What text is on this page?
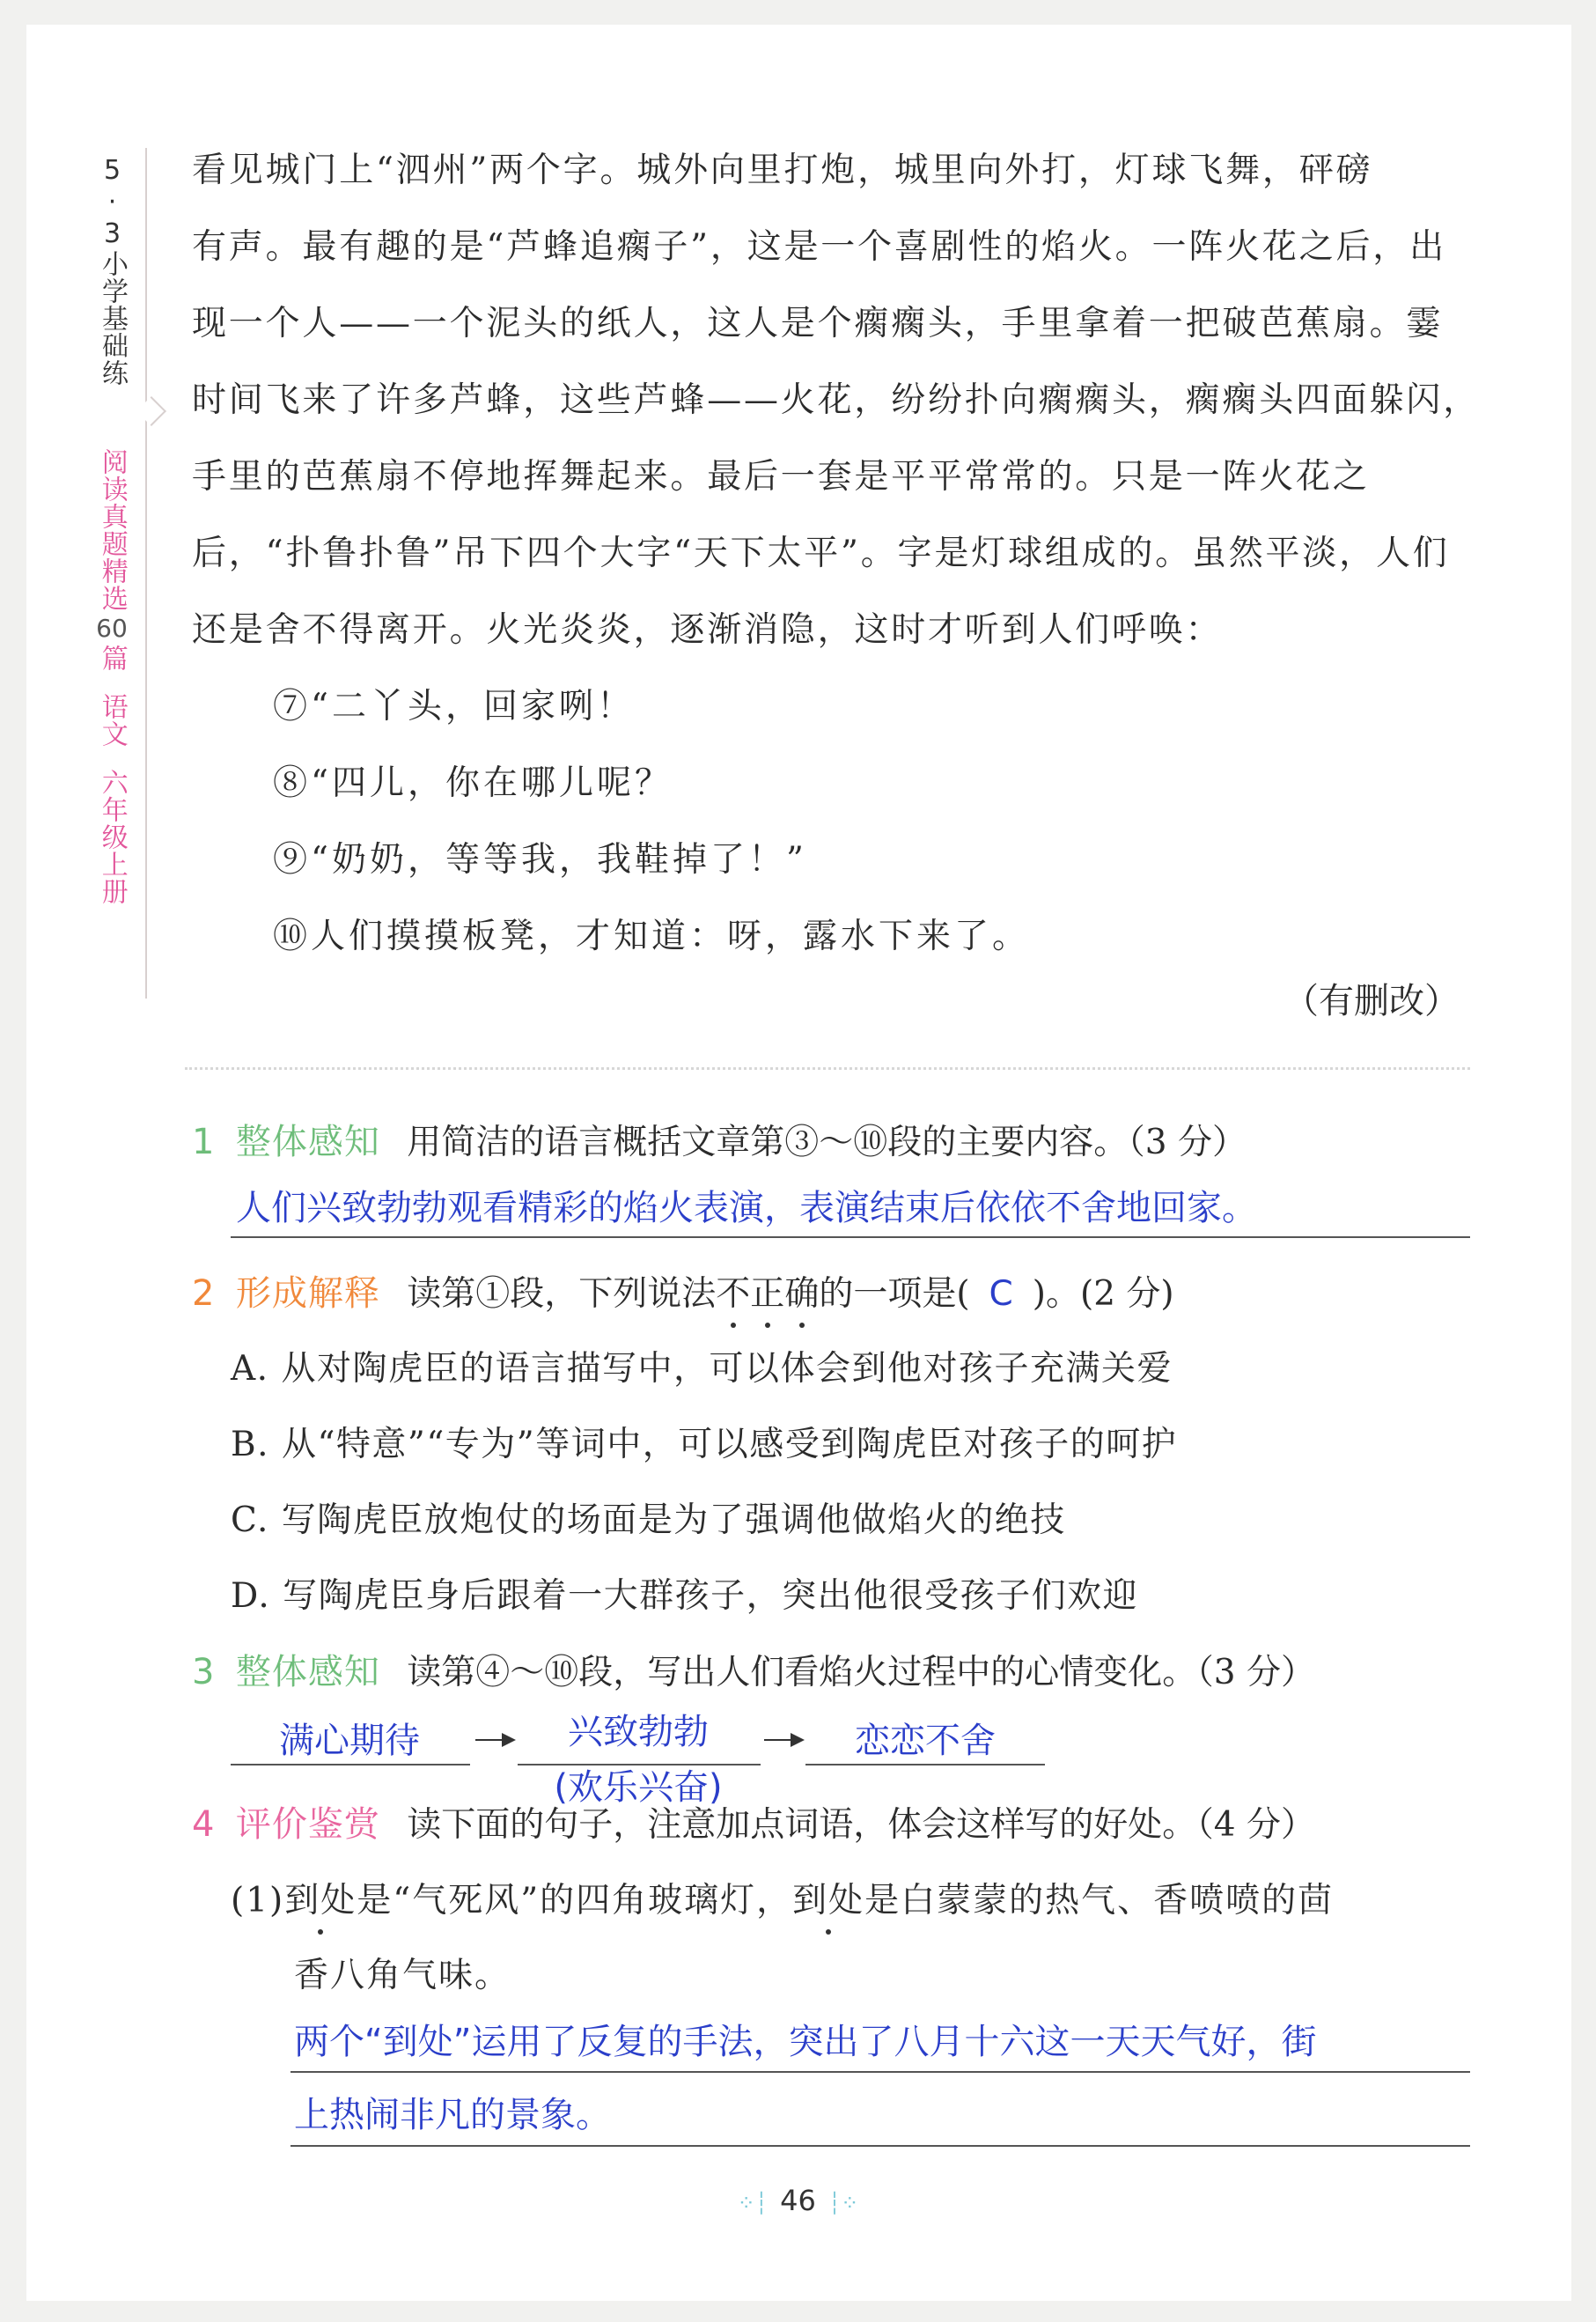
5·3小学基础练
阅读真题精选
60
篇
语文
六年级上册
看见城门上“泗州”两个字。城外向里打炮，城里向外打，灯球飞舞，砰磅
有声。最有趣的是“芦蜂追瘸子”，这是一个喜剧性的焰火。一阵火花之后，出
现一个人——一个泥头的纸人，这人是个瘸瘸头，手里拿着一把破芭蕉扇。霎
时间飞来了许多芦蜂，这些芦蜂——火花，纷纷扑向瘸瘸头，瘸瘸头四面躲闪，
手里的芭蕉扇不停地挥舞起来。最后一套是平平常常的。只是一阵火花之
后，“扑鲁扑鲁”吊下四个大字“天下太平”。字是灯球组成的。虽然平淡，人们
还是舍不得离开。火光炎炎，逐渐消隐，这时才听到人们呼唤：
⑦“二丫头，回家咧！
⑧“四儿，你在哪儿呢？
⑨“奶奶，等等我，我鞋掉了！”
⑩人们摸摸板凳，才知道：呀，露水下来了。
（有删改）
1 整体感知 用简洁的语言概括文章第③～⑩段的主要内容。（3 分）
人们兴致勃勃观看精彩的焰火表演，表演结束后依依不舍地回家。
2 形成解释 读第①段，下列说法不正确的一项是( C )。(2 分)
A. 从对陶虎臣的语言描写中，可以体会到他对孩子充满关爱
B. 从“特意”“专为”等词中，可以感受到陶虎臣对孩子的呵护
C. 写陶虎臣放炮仗的场面是为了强调他做焰火的绝技
D. 写陶虎臣身后跟着一大群孩子，突出他很受孩子们欢迎
3 整体感知 读第④～⑩段，写出人们看焰火过程中的心情变化。（3 分）
满心期待	兴致勃勃
(欢乐兴奋)
恋恋不舍
4 评价鉴赏 读下面的句子，注意加点词语，体会这样写的好处。（4 分）
(1)到处是“气死风”的四角玻璃灯，到处是白蒙蒙的热气、香喷喷的茴
香八角气味。
两个“到处”运用了反复的手法，突出了八月十六这一天天气好，街
上热闹非凡的景象。
⁘┆ 46 ┆⁘
